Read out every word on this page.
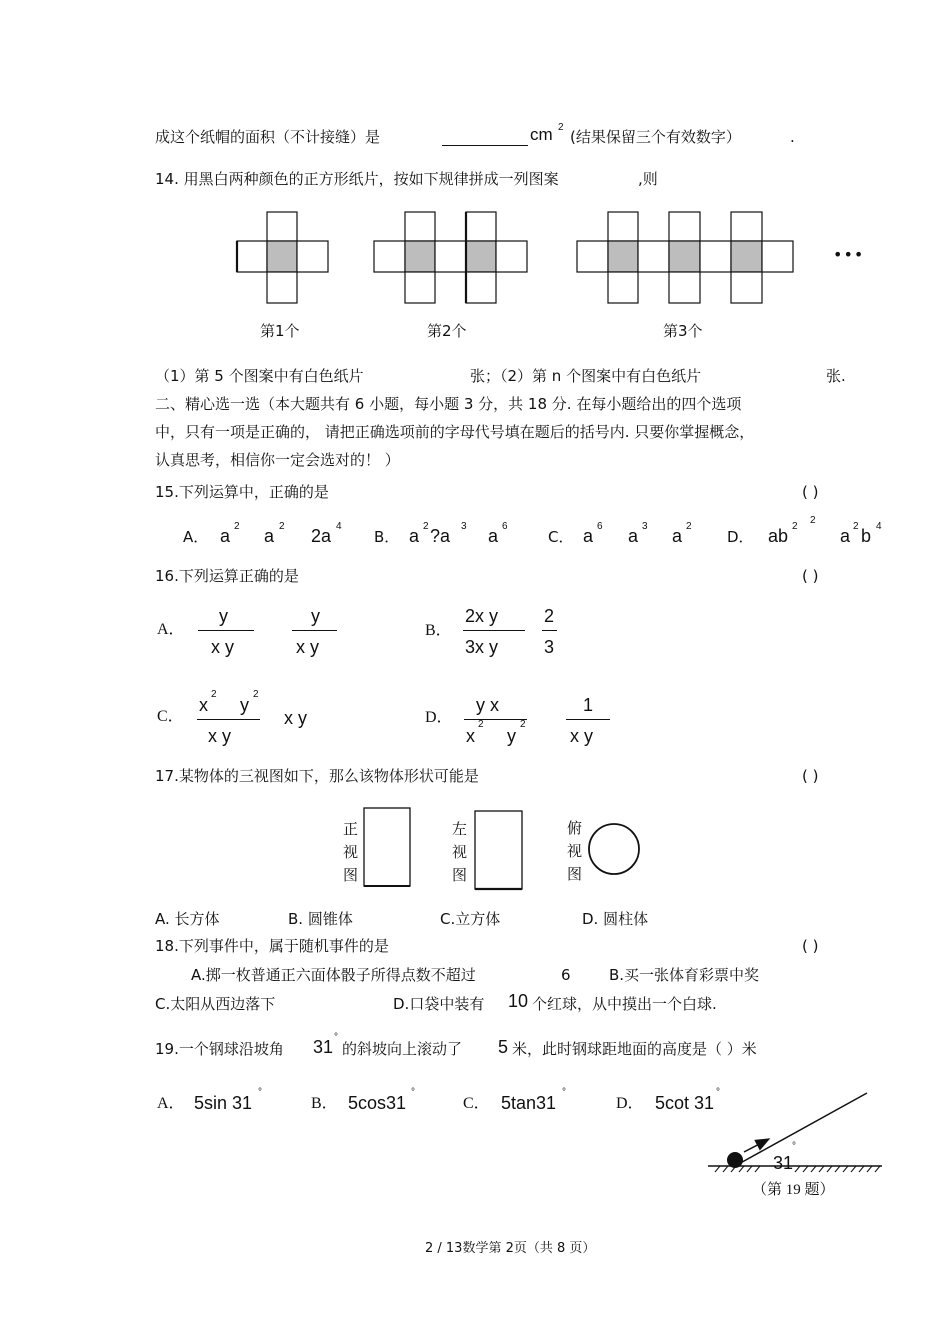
成这个纸帽的面积（不计接缝）是	cm 2
(结果保留三个有效数字）	.
14. 用黑白两种颜色的正方形纸片，按如下规律拼成一列图案	,则
•••
第1个	第2个	第3个
（1）第 5 个图案中有白色纸片	张；（2）第 n 个图案中有白色纸片	张.
二、精心选一选（本大题共有 6 小题，每小题 3 分，共 18 分. 在每小题给出的四个选项
中，只有一项是正确的， 请把正确选项前的字母代号填在题后的括号内. 只要你掌握概念，
认真思考，相信你一定会选对的！ ）
15.下列运算中，正确的是	( )
A． a 2 a 2 2a 4
B． a 2 ?a 3 a 6
C． a 6 a 3 a 2
D． ab 2
2
a 2 b 4
16.下列运算正确的是	( )
A．
y
x y
y
x y
B．
2x y
3x y
2
3
C．
x
2
y
2
x y
x y	D．
y x
x
2
y
2
1
x y
17.某物体的三视图如下，那么该物体形状可能是	( )
正
视
图
左
视
图
俯
视
图
A. 长方体	B. 圆锥体	C.立方体	D. 圆柱体
18.下列事件中，属于随机事件的是	( )
A.掷一枚普通正六面体骰子所得点数不超过	6	B.买一张体育彩票中奖
C.太阳从西边落下	D.口袋中装有 10 个红球，从中摸出一个白球.
19.一个钢球沿坡角 31 °
的斜坡向上滚动了 5 米，此时钢球距地面的高度是（ ）米
A． 5sin 31
°
B． 5cos31
°
C． 5tan31
°
D． 5cot 31
°
31
°
（第 19 题）
2 / 13数学第 2页（共 8 页）
